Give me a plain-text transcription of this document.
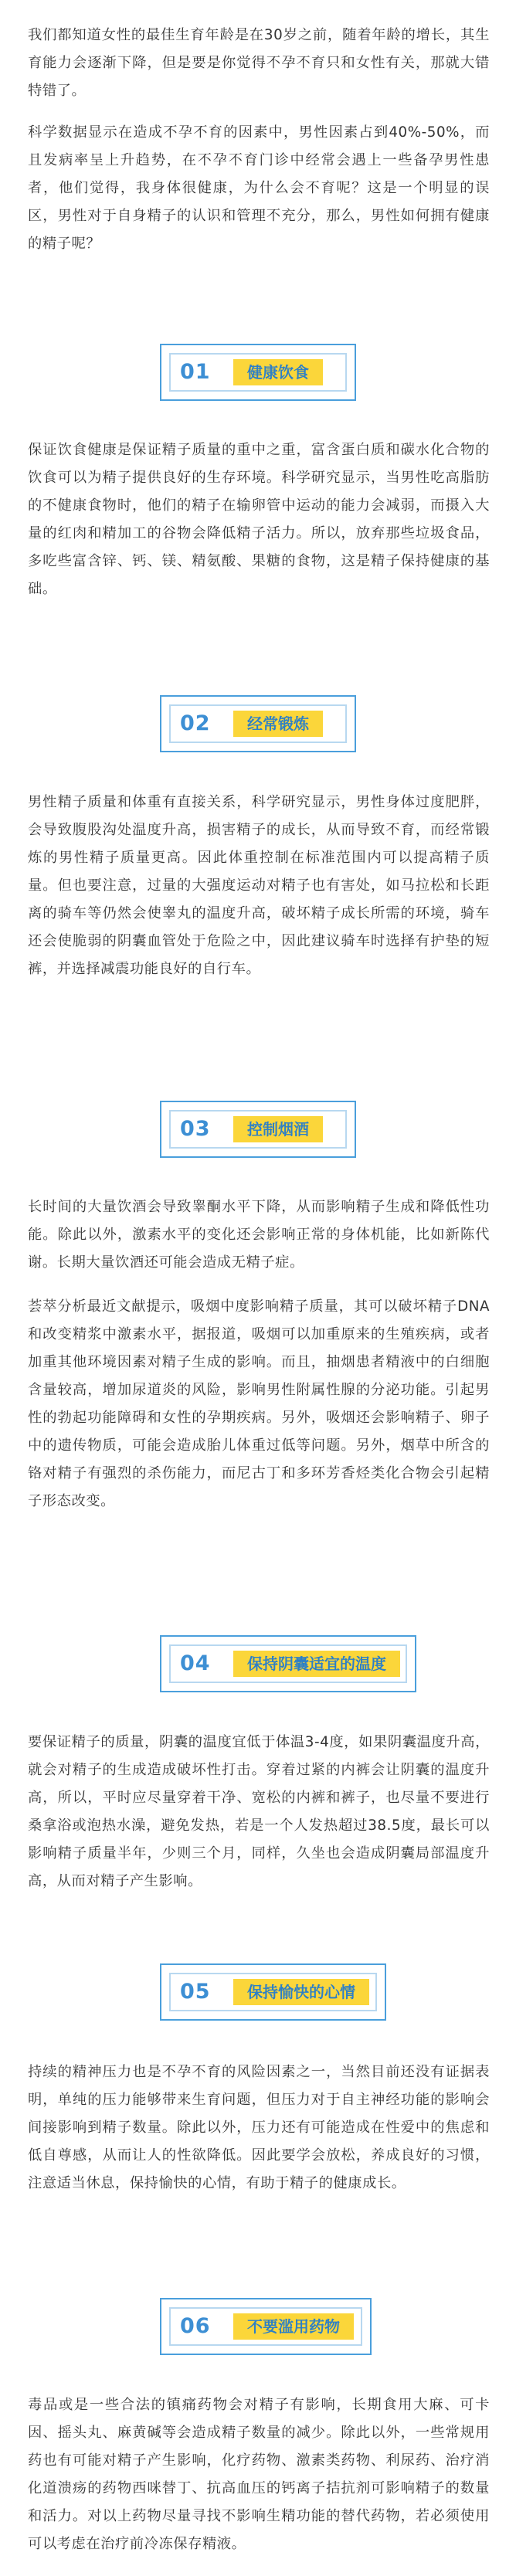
我们都知道女性的最佳生育年龄是在30岁之前，随着年龄的增长，其生育能力会逐渐下降，但是要是你觉得不孕不育只和女性有关，那就大错特错了。

科学数据显示在造成不孕不育的因素中，男性因素占到40%-50%，而且发病率呈上升趋势，在不孕不育门诊中经常会遇上一些备孕男性患者，他们觉得，我身体很健康，为什么会不育呢？这是一个明显的误区，男性对于自身精子的认识和管理不充分，那么，男性如何拥有健康的精子呢？

01	健康饮食

保证饮食健康是保证精子质量的重中之重，富含蛋白质和碳水化合物的饮食可以为精子提供良好的生存环境。科学研究显示，当男性吃高脂肪的不健康食物时，他们的精子在输卵管中运动的能力会减弱，而摄入大量的红肉和精加工的谷物会降低精子活力。所以，放弃那些垃圾食品，多吃些富含锌、钙、镁、精氨酸、果糖的食物，这是精子保持健康的基础。

02	经常锻炼

男性精子质量和体重有直接关系，科学研究显示，男性身体过度肥胖，会导致腹股沟处温度升高，损害精子的成长，从而导致不育，而经常锻炼的男性精子质量更高。因此体重控制在标准范围内可以提高精子质量。但也要注意，过量的大强度运动对精子也有害处，如马拉松和长距离的骑车等仍然会使睾丸的温度升高，破坏精子成长所需的环境，骑车还会使脆弱的阴囊血管处于危险之中，因此建议骑车时选择有护垫的短裤，并选择减震功能良好的自行车。

03	控制烟酒

长时间的大量饮酒会导致睾酮水平下降，从而影响精子生成和降低性功能。除此以外，激素水平的变化还会影响正常的身体机能，比如新陈代谢。长期大量饮酒还可能会造成无精子症。

荟萃分析最近文献提示，吸烟中度影响精子质量，其可以破坏精子DNA和改变精浆中激素水平，据报道，吸烟可以加重原来的生殖疾病，或者加重其他环境因素对精子生成的影响。而且，抽烟患者精液中的白细胞含量较高，增加尿道炎的风险，影响男性附属性腺的分泌功能。引起男性的勃起功能障碍和女性的孕期疾病。另外，吸烟还会影响精子、卵子中的遗传物质，可能会造成胎儿体重过低等问题。另外，烟草中所含的铬对精子有强烈的杀伤能力，而尼古丁和多环芳香烃类化合物会引起精子形态改变。

04	保持阴囊适宜的温度

要保证精子的质量，阴囊的温度宜低于体温3-4度，如果阴囊温度升高，就会对精子的生成造成破坏性打击。穿着过紧的内裤会让阴囊的温度升高，所以，平时应尽量穿着干净、宽松的内裤和裤子，也尽量不要进行桑拿浴或泡热水澡，避免发热，若是一个人发热超过38.5度，最长可以影响精子质量半年，少则三个月，同样，久坐也会造成阴囊局部温度升高，从而对精子产生影响。

05	保持愉快的心情

持续的精神压力也是不孕不育的风险因素之一，当然目前还没有证据表明，单纯的压力能够带来生育问题，但压力对于自主神经功能的影响会间接影响到精子数量。除此以外，压力还有可能造成在性爱中的焦虑和低自尊感，从而让人的性欲降低。因此要学会放松，养成良好的习惯，注意适当休息，保持愉快的心情，有助于精子的健康成长。

06	不要滥用药物

毒品或是一些合法的镇痛药物会对精子有影响，长期食用大麻、可卡因、摇头丸、麻黄碱等会造成精子数量的减少。除此以外，一些常规用药也有可能对精子产生影响，化疗药物、激素类药物、利尿药、治疗消化道溃疡的药物西咪替丁、抗高血压的钙离子拮抗剂可影响精子的数量和活力。对以上药物尽量寻找不影响生精功能的替代药物，若必须使用可以考虑在治疗前冷冻保存精液。
